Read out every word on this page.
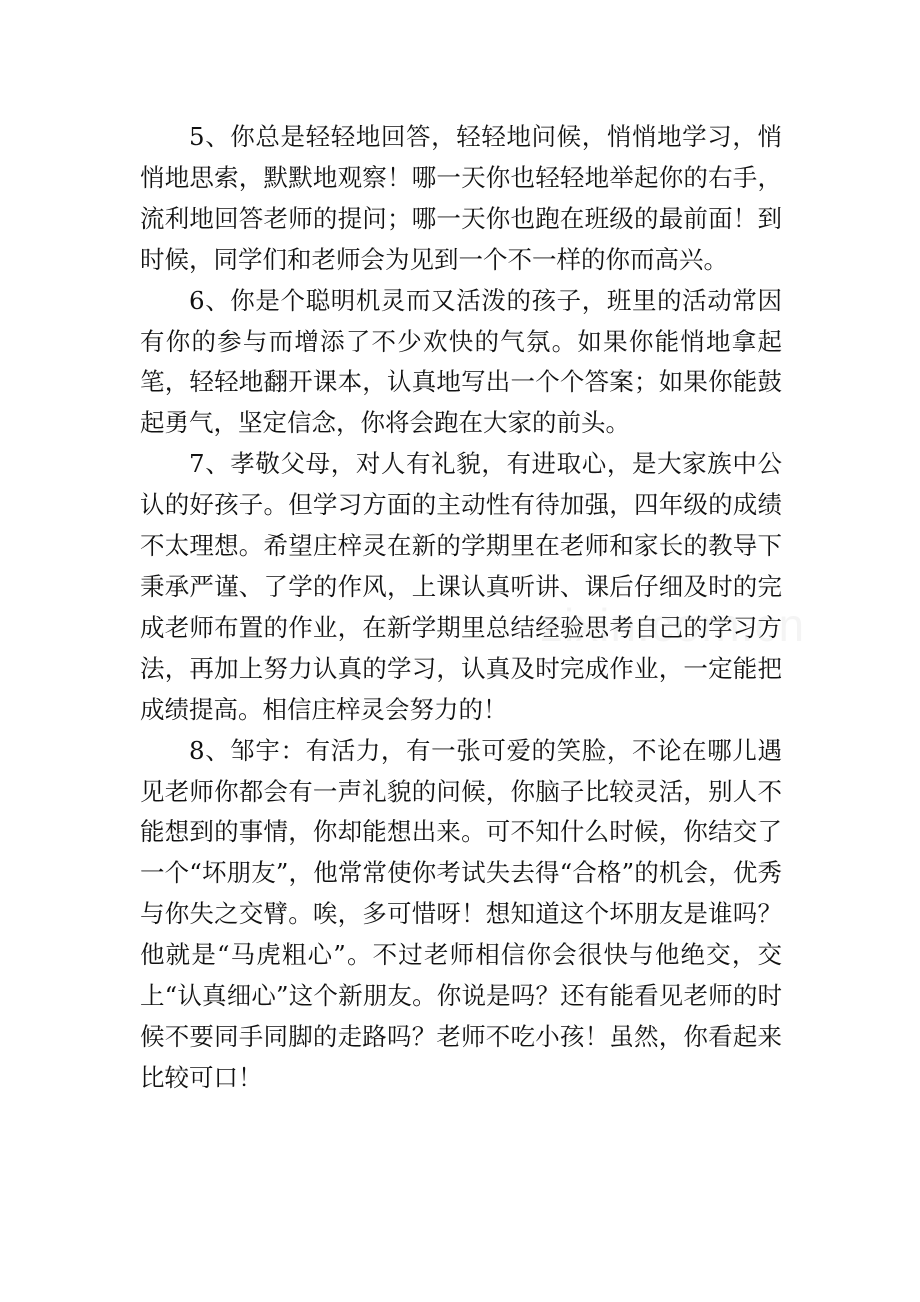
5、你总是轻轻地回答，轻轻地问候，悄悄地学习，悄悄地思索，默默地观察！哪一天你也轻轻地举起你的右手，流利地回答老师的提问；哪一天你也跑在班级的最前面！到时候，同学们和老师会为见到一个不一样的你而高兴。

6、你是个聪明机灵而又活泼的孩子，班里的活动常因有你的参与而增添了不少欢快的气氛。如果你能悄地拿起笔，轻轻地翻开课本，认真地写出一个个答案；如果你能鼓起勇气，坚定信念，你将会跑在大家的前头。

7、孝敬父母，对人有礼貌，有进取心，是大家族中公认的好孩子。但学习方面的主动性有待加强，四年级的成绩不太理想。希望庄梓灵在新的学期里在老师和家长的教导下秉承严谨、了学的作风，上课认真听讲、课后仔细及时的完成老师布置的作业，在新学期里总结经验思考自己的学习方法，再加上努力认真的学习，认真及时完成作业，一定能把成绩提高。相信庄梓灵会努力的！

8、邹宇：有活力，有一张可爱的笑脸，不论在哪儿遇见老师你都会有一声礼貌的问候，你脑子比较灵活，别人不能想到的事情，你却能想出来。可不知什么时候，你结交了一个“坏朋友”，他常常使你考试失去得“合格”的机会，优秀与你失之交臂。唉，多可惜呀！想知道这个坏朋友是谁吗？他就是“马虎粗心”。不过老师相信你会很快与他绝交，交上“认真细心”这个新朋友。你说是吗？还有能看见老师的时候不要同手同脚的走路吗？老师不吃小孩！虽然，你看起来比较可口！
